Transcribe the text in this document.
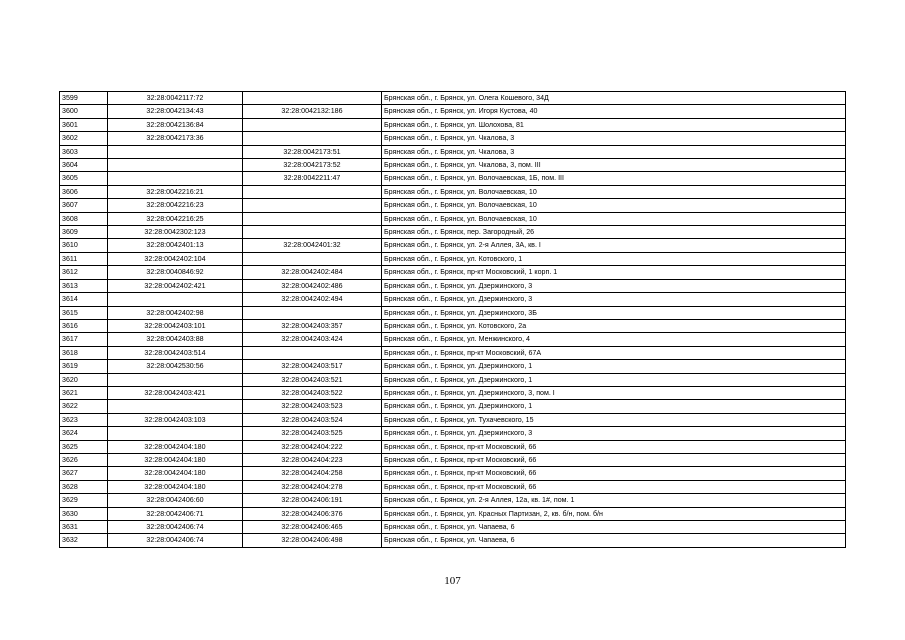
3599	32:28:0042117:72		Брянская обл., г. Брянск, ул. Олега Кошевого, 34Д
3600	32:28:0042134:43	32:28:0042132:186	Брянская обл., г. Брянск, ул. Игоря Кустова, 40
3601	32:28:0042136:84		Брянская обл., г. Брянск, ул. Шолохова, 81
3602	32:28:0042173:36		Брянская обл., г. Брянск, ул. Чкалова, 3
3603		32:28:0042173:51	Брянская обл., г. Брянск, ул. Чкалова, 3
3604		32:28:0042173:52	Брянская обл., г. Брянск, ул. Чкалова, 3, пом. III
3605		32:28:0042211:47	Брянская обл., г. Брянск, ул. Волочаевская, 1Б, пом. III
3606	32:28:0042216:21		Брянская обл., г. Брянск, ул. Волочаевская, 10
3607	32:28:0042216:23		Брянская обл., г. Брянск, ул. Волочаевская, 10
3608	32:28:0042216:25		Брянская обл., г. Брянск, ул. Волочаевская, 10
3609	32:28:0042302:123		Брянская обл., г. Брянск, пер. Загородный, 26
3610	32:28:0042401:13	32:28:0042401:32	Брянская обл., г. Брянск, ул. 2-я Аллея, 3А, кв. I
3611	32:28:0042402:104		Брянская обл., г. Брянск, ул. Котовского, 1
3612	32:28:0040846:92	32:28:0042402:484	Брянская обл., г. Брянск, пр-кт Московский, 1 корп. 1
3613	32:28:0042402:421	32:28:0042402:486	Брянская обл., г. Брянск, ул. Дзержинского, 3
3614		32:28:0042402:494	Брянская обл., г. Брянск, ул. Дзержинского, 3
3615	32:28:0042402:98		Брянская обл., г. Брянск, ул. Дзержинского, 3Б
3616	32:28:0042403:101	32:28:0042403:357	Брянская обл., г. Брянск, ул. Котовского, 2а
3617	32:28:0042403:88	32:28:0042403:424	Брянская обл., г. Брянск, ул. Менжинского, 4
3618	32:28:0042403:514		Брянская обл., г. Брянск, пр-кт Московский, 67А
3619	32:28:0042530:56	32:28:0042403:517	Брянская обл., г. Брянск, ул. Дзержинского, 1
3620		32:28:0042403:521	Брянская обл., г. Брянск, ул. Дзержинского, 1
3621	32:28:0042403:421	32:28:0042403:522	Брянская обл., г. Брянск, ул. Дзержинского, 3, пом. I
3622		32:28:0042403:523	Брянская обл., г. Брянск, ул. Дзержинского, 1
3623	32:28:0042403:103	32:28:0042403:524	Брянская обл., г. Брянск, ул. Тухачевского, 15
3624		32:28:0042403:525	Брянская обл., г. Брянск, ул. Дзержинского, 3
3625	32:28:0042404:180	32:28:0042404:222	Брянская обл., г. Брянск, пр-кт Московский, 66
3626	32:28:0042404:180	32:28:0042404:223	Брянская обл., г. Брянск, пр-кт Московский, 66
3627	32:28:0042404:180	32:28:0042404:258	Брянская обл., г. Брянск, пр-кт Московский, 66
3628	32:28:0042404:180	32:28:0042404:278	Брянская обл., г. Брянск, пр-кт Московский, 66
3629	32:28:0042406:60	32:28:0042406:191	Брянская обл., г. Брянск, ул. 2-я Аллея, 12а, кв. 1#, пом. 1
3630	32:28:0042406:71	32:28:0042406:376	Брянская обл., г. Брянск, ул. Красных Партизан, 2, кв. б/н, пом. б/н
3631	32:28:0042406:74	32:28:0042406:465	Брянская обл., г. Брянск, ул. Чапаева, 6
3632	32:28:0042406:74	32:28:0042406:498	Брянская обл., г. Брянск, ул. Чапаева, 6
107
